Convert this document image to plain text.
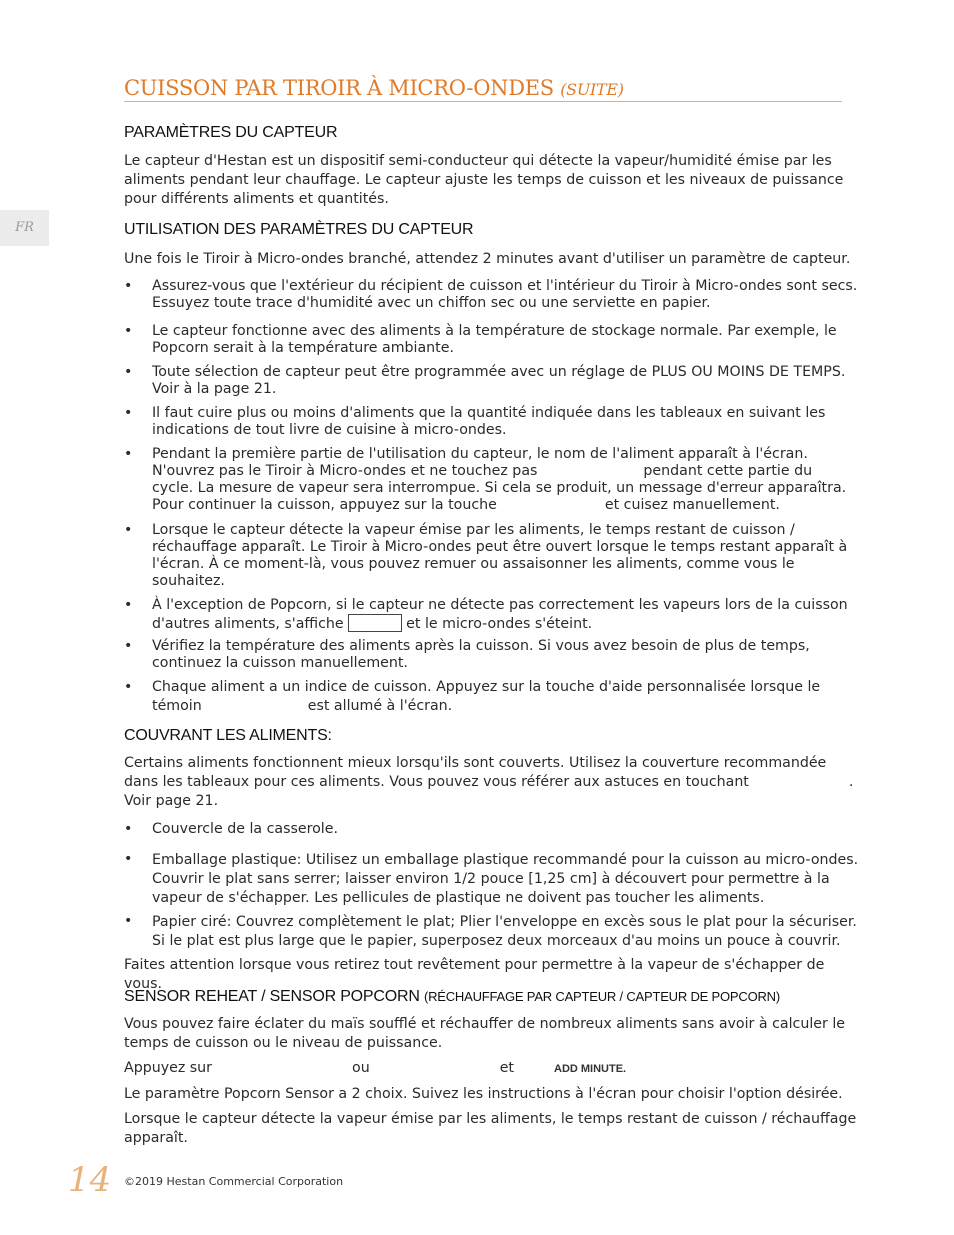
CUISSON PAR TIROIR À MICRO-ONDES (SUITE)
FR
PARAMÈTRES DU CAPTEUR
Le capteur d'Hestan est un dispositif semi-conducteur qui détecte la vapeur/humidité émise par les
aliments pendant leur chauffage. Le capteur ajuste les temps de cuisson et les niveaux de puissance
pour différents aliments et quantités.
UTILISATION DES PARAMÈTRES DU CAPTEUR
Une fois le Tiroir à Micro-ondes branché, attendez 2 minutes avant d'utiliser un paramètre de capteur.
•	Assurez-vous que l'extérieur du récipient de cuisson et l'intérieur du Tiroir à Micro-ondes sont secs. Essuyez toute trace d'humidité avec un chiffon sec ou une serviette en papier.
•	Le capteur fonctionne avec des aliments à la température de stockage normale. Par exemple, le Popcorn serait à la température ambiante.
•	Toute sélection de capteur peut être programmée avec un réglage de PLUS OU MOINS DE TEMPS. Voir à la page 21.
•	Il faut cuire plus ou moins d'aliments que la quantité indiquée dans les tableaux en suivant les indications de tout livre de cuisine à micro-ondes.
•	Pendant la première partie de l'utilisation du capteur, le nom de l'aliment apparaît à l'écran.
N'ouvrez pas le Tiroir à Micro-ondes et ne touchez pas	pendant cette partie du
cycle. La mesure de vapeur sera interrompue. Si cela se produit, un message d'erreur apparaîtra.
Pour continuer la cuisson, appuyez sur la touche	et cuisez manuellement.
•	Lorsque le capteur détecte la vapeur émise par les aliments, le temps restant de cuisson / réchauffage apparaît. Le Tiroir à Micro-ondes peut être ouvert lorsque le temps restant apparaît à l'écran. À ce moment-là, vous pouvez remuer ou assaisonner les aliments, comme vous le souhaitez.
•	À l'exception de Popcorn, si le capteur ne détecte pas correctement les vapeurs lors de la cuisson
d'autres aliments, s'affiche	et le micro-ondes s'éteint.
•	Vérifiez la température des aliments après la cuisson. Si vous avez besoin de plus de temps, continuez la cuisson manuellement.
•	Chaque aliment a un indice de cuisson. Appuyez sur la touche d'aide personnalisée lorsque le
témoin	est allumé à l'écran.
COUVRANT LES ALIMENTS:
Certains aliments fonctionnent mieux lorsqu'ils sont couverts. Utilisez la couverture recommandée
dans les tableaux pour ces aliments. Vous pouvez vous référer aux astuces en touchant	.
Voir page 21.
•	Couvercle de la casserole.
•	Emballage plastique: Utilisez un emballage plastique recommandé pour la cuisson au micro-ondes. Couvrir le plat sans serrer; laisser environ 1/2 pouce [1,25 cm] à découvert pour permettre à la vapeur de s'échapper. Les pellicules de plastique ne doivent pas toucher les aliments.
•	Papier ciré: Couvrez complètement le plat; Plier l'enveloppe en excès sous le plat pour la sécuriser. Si le plat est plus large que le papier, superposez deux morceaux d'au moins un pouce à couvrir.
Faites attention lorsque vous retirez tout revêtement pour permettre à la vapeur de s'échapper de vous.
SENSOR REHEAT / SENSOR POPCORN (RÉCHAUFFAGE PAR CAPTEUR / CAPTEUR DE POPCORN)
Vous pouvez faire éclater du maïs soufflé et réchauffer de nombreux aliments sans avoir à calculer le temps de cuisson ou le niveau de puissance.
Appuyez sur	ou	et	ADD MINUTE.
Le paramètre Popcorn Sensor a 2 choix. Suivez les instructions à l'écran pour choisir l'option désirée.
Lorsque le capteur détecte la vapeur émise par les aliments, le temps restant de cuisson / réchauffage apparaît.
14 ©2019 Hestan Commercial Corporation
